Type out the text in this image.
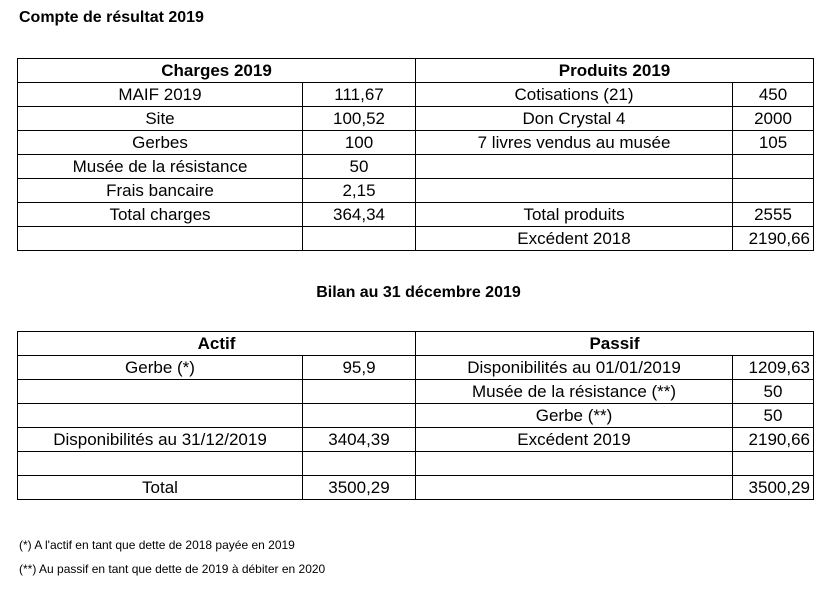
Compte de résultat 2019
Charges 2019		Produits 2019	
MAIF 2019	111,67	Cotisations (21)	450
Site	100,52	Don Crystal 4	2000
Gerbes	100	7 livres vendus au musée	105
Musée de la résistance	50		
Frais bancaire	2,15		
Total charges	364,34	Total produits	2555
		Excédent 2018	2190,66
Bilan au 31 décembre 2019
Actif		Passif	
Gerbe (*)	95,9	Disponibilités au 01/01/2019	1209,63
		Musée de la résistance (**)	50
		Gerbe (**)	50
Disponibilités au 31/12/2019	3404,39	Excédent 2019	2190,66

Total	3500,29		3500,29
(*) A l'actif en tant que dette de 2018 payée en 2019
(**) Au passif en tant que dette de 2019 à débiter en 2020
